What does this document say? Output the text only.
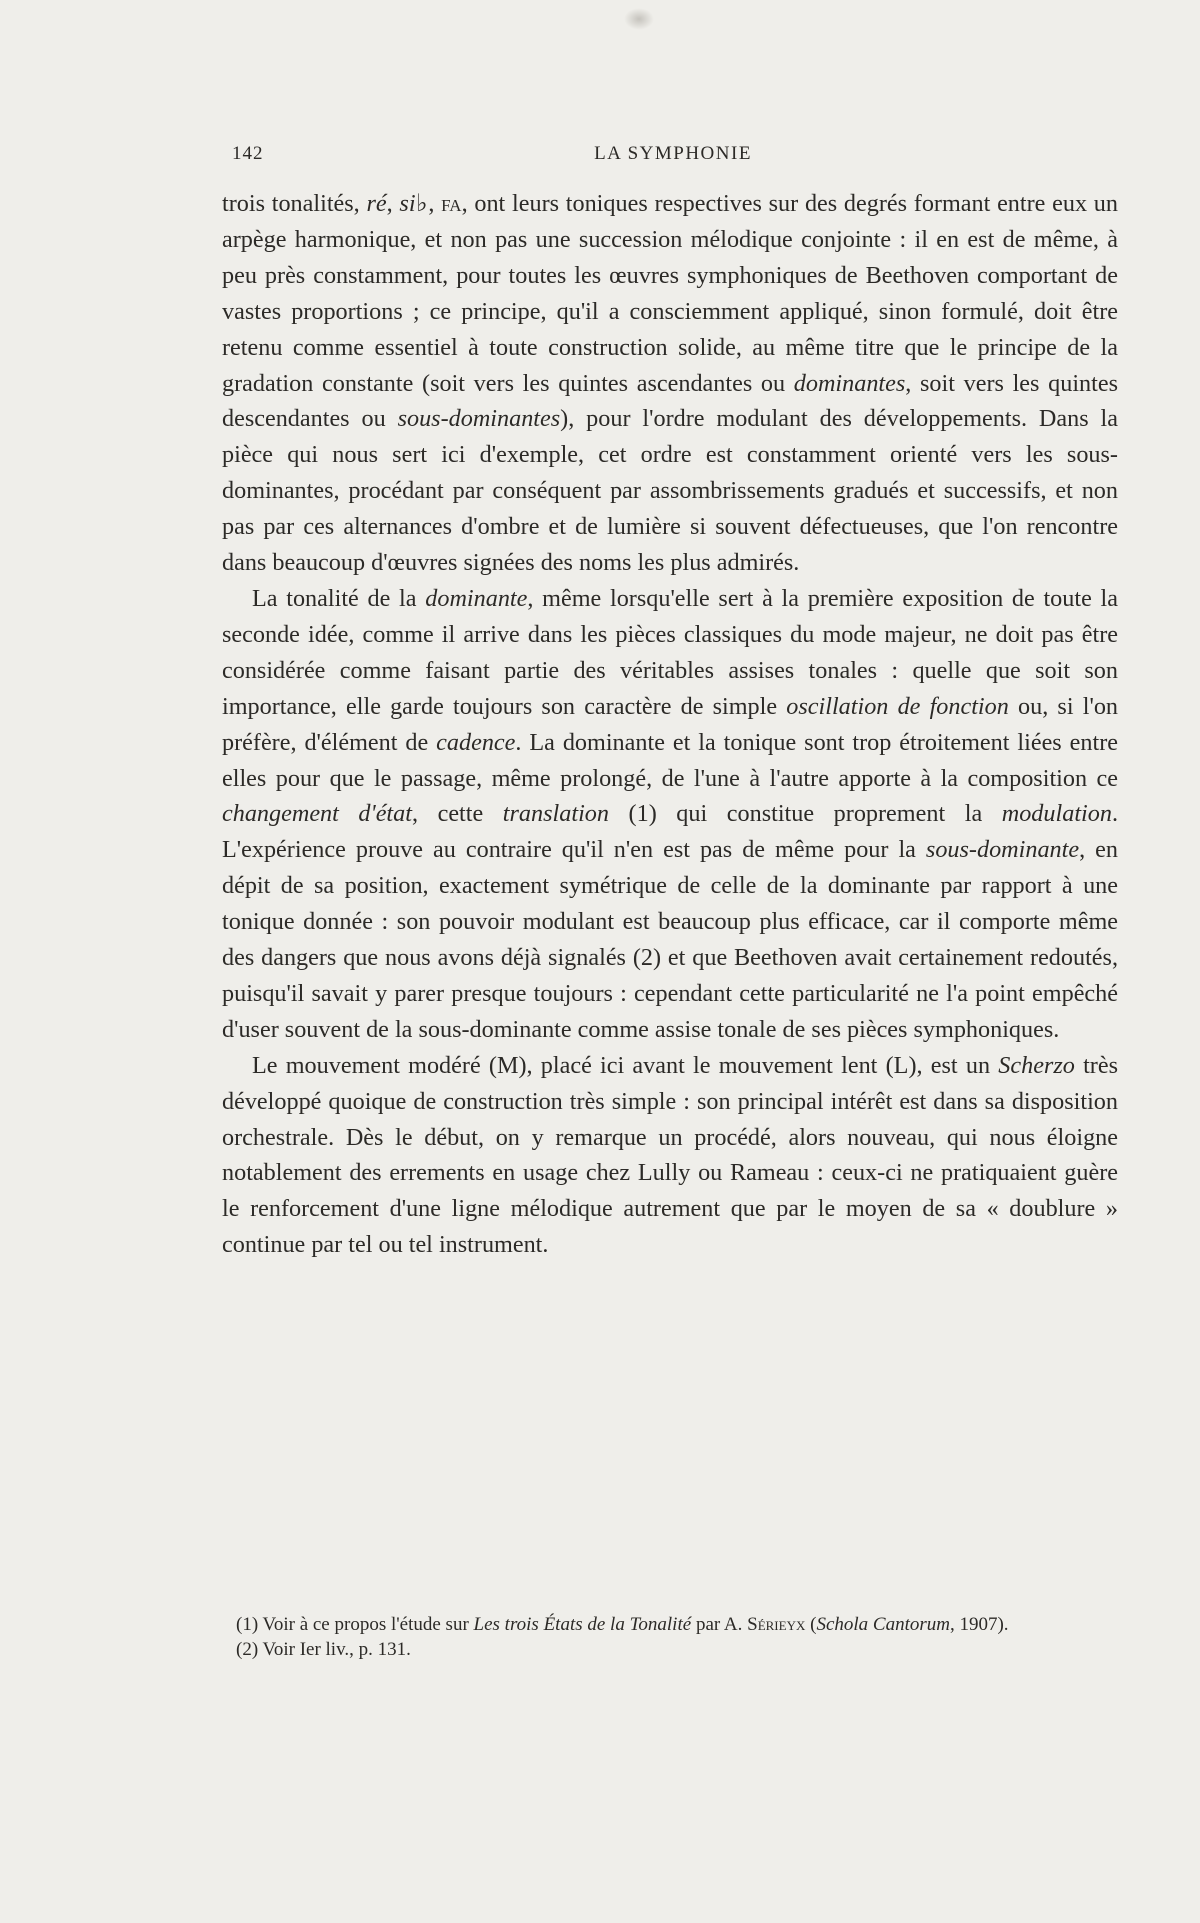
142	LA SYMPHONIE

trois tonalités, ré, si♭, fa, ont leurs toniques respectives sur des degrés formant entre eux un arpège harmonique, et non pas une succession mélodique conjointe : il en est de même, à peu près constamment, pour toutes les œuvres symphoniques de Beethoven comportant de vastes proportions ; ce principe, qu'il a consciemment appliqué, sinon formulé, doit être retenu comme essentiel à toute construction solide, au même titre que le principe de la gradation constante (soit vers les quintes ascendantes ou dominantes, soit vers les quintes descendantes ou sous-dominantes), pour l'ordre modulant des développements. Dans la pièce qui nous sert ici d'exemple, cet ordre est constamment orienté vers les sous-dominantes, procédant par conséquent par assombrissements gradués et successifs, et non pas par ces alternances d'ombre et de lumière si souvent défectueuses, que l'on rencontre dans beaucoup d'œuvres signées des noms les plus admirés.

La tonalité de la dominante, même lorsqu'elle sert à la première exposition de toute la seconde idée, comme il arrive dans les pièces classiques du mode majeur, ne doit pas être considérée comme faisant partie des véritables assises tonales : quelle que soit son importance, elle garde toujours son caractère de simple oscillation de fonction ou, si l'on préfère, d'élément de cadence. La dominante et la tonique sont trop étroitement liées entre elles pour que le passage, même prolongé, de l'une à l'autre apporte à la composition ce changement d'état, cette translation (1) qui constitue proprement la modulation. L'expérience prouve au contraire qu'il n'en est pas de même pour la sous-dominante, en dépit de sa position, exactement symétrique de celle de la dominante par rapport à une tonique donnée : son pouvoir modulant est beaucoup plus efficace, car il comporte même des dangers que nous avons déjà signalés (2) et que Beethoven avait certainement redoutés, puisqu'il savait y parer presque toujours : cependant cette particularité ne l'a point empêché d'user souvent de la sous-dominante comme assise tonale de ses pièces symphoniques.

Le mouvement modéré (M), placé ici avant le mouvement lent (L), est un Scherzo très développé quoique de construction très simple : son principal intérêt est dans sa disposition orchestrale. Dès le début, on y remarque un procédé, alors nouveau, qui nous éloigne notablement des errements en usage chez Lully ou Rameau : ceux-ci ne pratiquaient guère le renforcement d'une ligne mélodique autrement que par le moyen de sa « doublure » continue par tel ou tel instrument.

(1) Voir à ce propos l'étude sur Les trois États de la Tonalité par A. Sérieyx (Schola Cantorum, 1907).

(2) Voir Ier liv., p. 131.
